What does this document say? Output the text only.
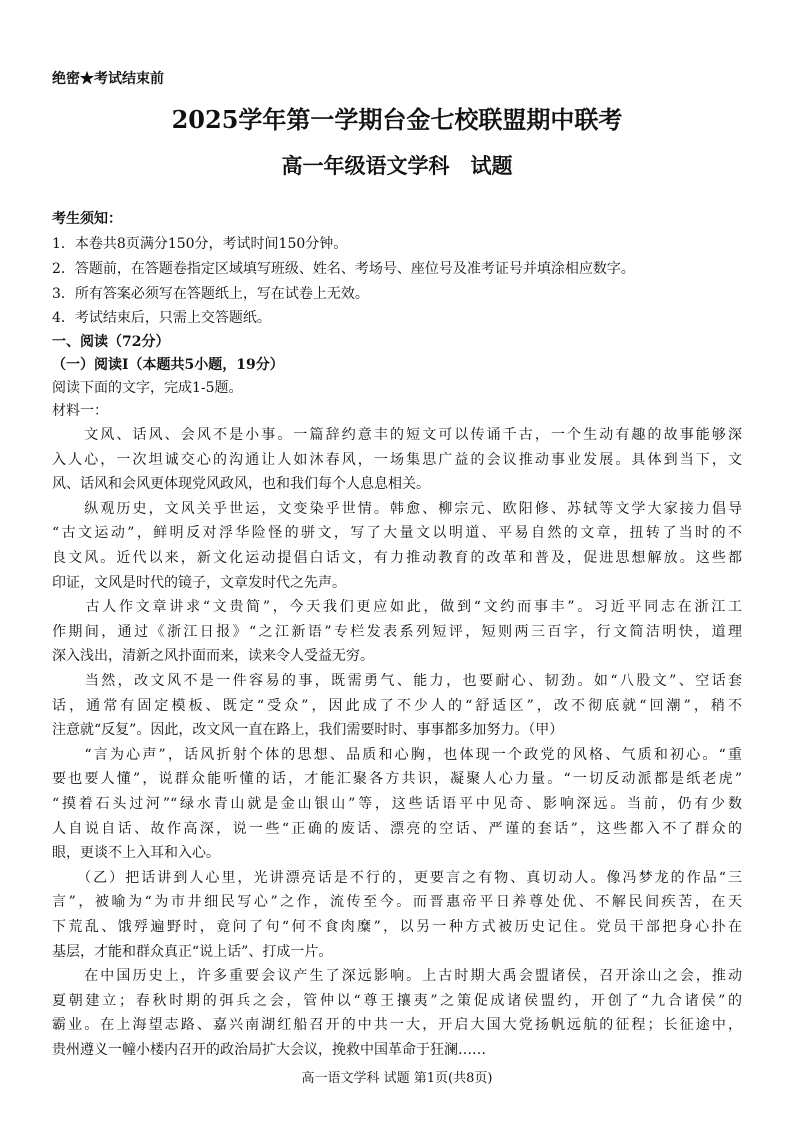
绝密★考试结束前
2025学年第一学期台金七校联盟期中联考
高一年级语文学科　试题
考生须知：
1．本卷共8页满分150分，考试时间150分钟。
2．答题前，在答题卷指定区域填写班级、姓名、考场号、座位号及准考证号并填涂相应数字。
3．所有答案必须写在答题纸上，写在试卷上无效。
4．考试结束后，只需上交答题纸。
一、阅读（72分）
（一）阅读Ⅰ（本题共5小题，19分）
阅读下面的文字，完成1-5题。
材料一：
　　文风、话风、会风不是小事。一篇辞约意丰的短文可以传诵千古，一个生动有趣的故事能够深
入人心，一次坦诚交心的沟通让人如沐春风，一场集思广益的会议推动事业发展。具体到当下，文
风、话风和会风更体现党风政风，也和我们每个人息息相关。
　　纵观历史，文风关乎世运，文变染乎世情。韩愈、柳宗元、欧阳修、苏轼等文学大家接力倡导
“古文运动”，鲜明反对浮华险怪的骈文，写了大量文以明道、平易自然的文章，扭转了当时的不
良文风。近代以来，新文化运动提倡白话文，有力推动教育的改革和普及，促进思想解放。这些都
印证，文风是时代的镜子，文章发时代之先声。
　　古人作文章讲求“文贵简”，今天我们更应如此，做到“文约而事丰”。习近平同志在浙江工
作期间，通过《浙江日报》“之江新语”专栏发表系列短评，短则两三百字，行文简洁明快，道理
深入浅出，清新之风扑面而来，读来令人受益无穷。
　　当然，改文风不是一件容易的事，既需勇气、能力，也要耐心、韧劲。如“八股文”、空话套
话，通常有固定模板、既定“受众”，因此成了不少人的“舒适区”，改不彻底就“回潮”，稍不
注意就“反复”。因此，改文风一直在路上，我们需要时时、事事都多加努力。（甲）
　　“言为心声”，话风折射个体的思想、品质和心胸，也体现一个政党的风格、气质和初心。“重
要也要人懂”，说群众能听懂的话，才能汇聚各方共识，凝聚人心力量。“一切反动派都是纸老虎”
“摸着石头过河”“绿水青山就是金山银山”等，这些话语平中见奇、影响深远。当前，仍有少数
人自说自话、故作高深，说一些“正确的废话、漂亮的空话、严谨的套话”，这些都入不了群众的
眼，更谈不上入耳和入心。
　　（乙）把话讲到人心里，光讲漂亮话是不行的，更要言之有物、真切动人。像冯梦龙的作品“三
言”，被喻为“为市井细民写心”之作，流传至今。而晋惠帝平日养尊处优、不解民间疾苦，在天
下荒乱、饿殍遍野时，竟问了句“何不食肉糜”，以另一种方式被历史记住。党员干部把身心扑在
基层，才能和群众真正“说上话”、打成一片。
　　在中国历史上，许多重要会议产生了深远影响。上古时期大禹会盟诸侯，召开涂山之会，推动
夏朝建立；春秋时期的弭兵之会，管仲以“尊王攘夷”之策促成诸侯盟约，开创了“九合诸侯”的
霸业。在上海望志路、嘉兴南湖红船召开的中共一大，开启大国大党扬帆远航的征程；长征途中，
贵州遵义一幢小楼内召开的政治局扩大会议，挽救中国革命于狂澜……
高一语文学科 试题 第1页(共8页)
